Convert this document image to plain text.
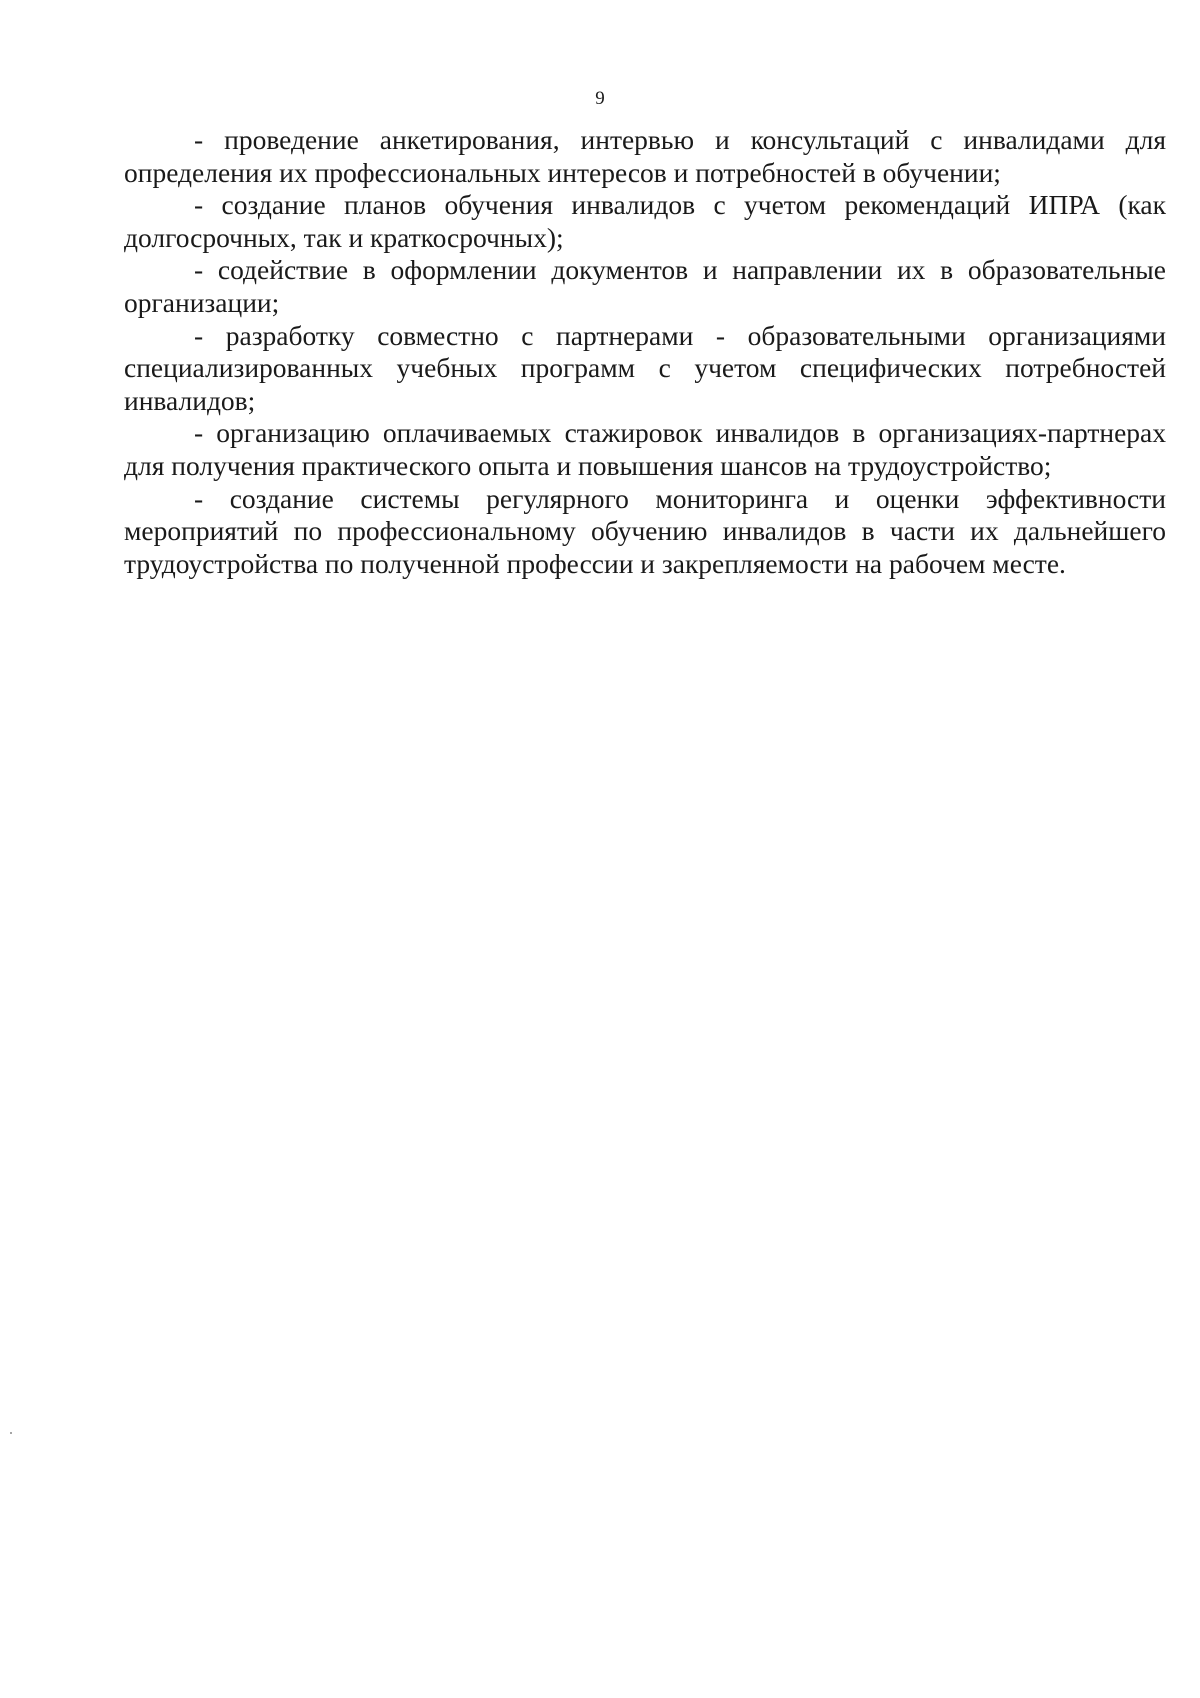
9

- проведение анкетирования, интервью и консультаций с инвалидами для определения их профессиональных интересов и потребностей в обучении;

- создание планов обучения инвалидов с учетом рекомендаций ИПРА (как долгосрочных, так и краткосрочных);

- содействие в оформлении документов и направлении их в образовательные организации;

- разработку совместно с партнерами - образовательными организациями специализированных учебных программ с учетом специфических потребностей инвалидов;

- организацию оплачиваемых стажировок инвалидов в организациях-партнерах для получения практического опыта и повышения шансов на трудоустройство;

- создание системы регулярного мониторинга и оценки эффективности мероприятий по профессиональному обучению инвалидов в части их дальнейшего трудоустройства по полученной профессии и закрепляемости на рабочем месте.
